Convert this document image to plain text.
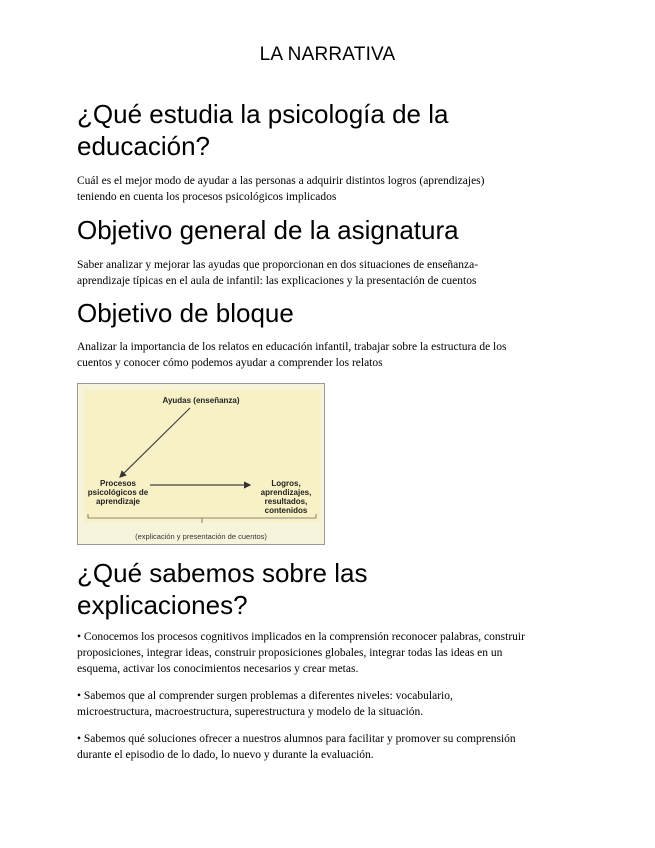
LA NARRATIVA
¿Qué estudia la psicología de la
educación?

Cuál es el mejor modo de ayudar a las personas a adquirir distintos logros (aprendizajes)
teniendo en cuenta los procesos psicológicos implicados

Objetivo general de la asignatura

Saber analizar y mejorar las ayudas que proporcionan en dos situaciones de enseñanza-
aprendizaje típicas en el aula de infantil: las explicaciones y la presentación de cuentos

Objetivo de bloque

Analizar la importancia de los relatos en educación infantil, trabajar sobre la estructura de los
cuentos y conocer cómo podemos ayudar a comprender los relatos

Ayudas (enseñanza)
Procesos
psicológicos de
aprendizaje
Logros,
aprendizajes,
resultados,
contenidos
(explicación y presentación de cuentos)
¿Qué sabemos sobre las
explicaciones?

• Conocemos los procesos cognitivos implicados en la comprensión reconocer palabras, construir
proposiciones, integrar ideas, construir proposiciones globales, integrar todas las ideas en un
esquema, activar los conocimientos necesarios y crear metas.

• Sabemos que al comprender surgen problemas a diferentes niveles: vocabulario,
microestructura, macroestructura, superestructura y modelo de la situación.

• Sabemos qué soluciones ofrecer a nuestros alumnos para facilitar y promover su comprensión
durante el episodio de lo dado, lo nuevo y durante la evaluación.
